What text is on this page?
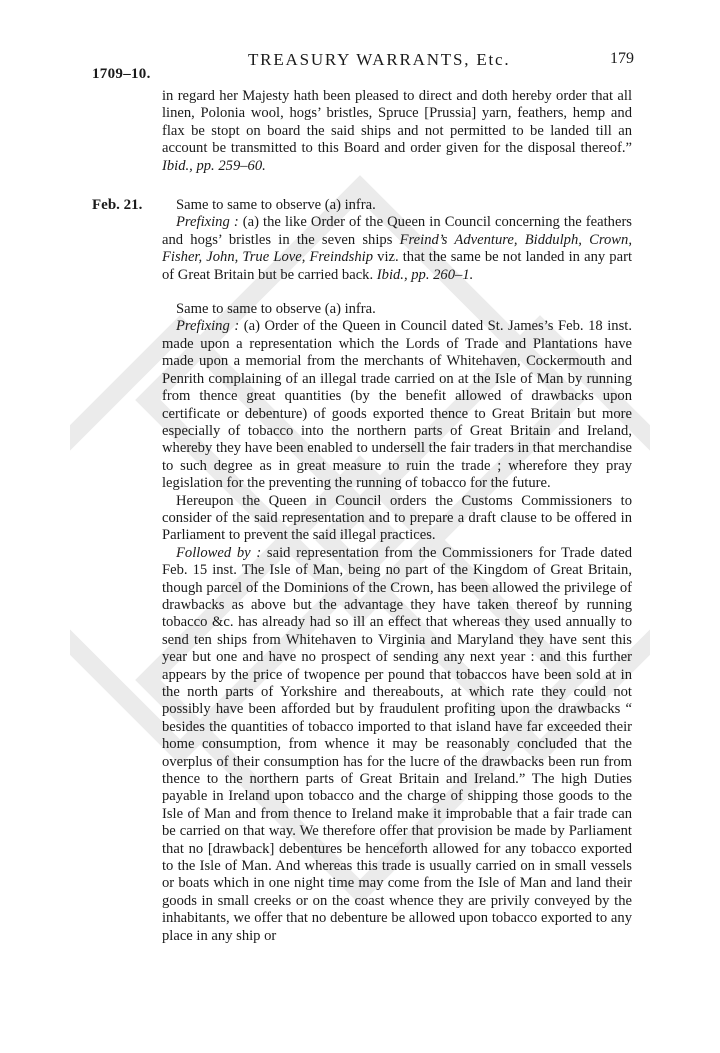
1709–10.
TREASURY WARRANTS, Etc.	179
Feb. 21.

in regard her Majesty hath been pleased to direct and doth hereby order that all linen, Polonia wool, hogs’ bristles, Spruce [Prussia] yarn, feathers, hemp and flax be stopt on board the said ships and not permitted to be landed till an account be transmitted to this Board and order given for the disposal thereof.” Ibid., pp. 259–60.

Same to same to observe (a) infra.

Prefixing : (a) the like Order of the Queen in Council concerning the feathers and hogs’ bristles in the seven ships Freind’s Adventure, Biddulph, Crown, Fisher, John, True Love, Freindship viz. that the same be not landed in any part of Great Britain but be carried back. Ibid., pp. 260–1.

Same to same to observe (a) infra.

Prefixing : (a) Order of the Queen in Council dated St. James’s Feb. 18 inst. made upon a representation which the Lords of Trade and Plantations have made upon a memorial from the merchants of Whitehaven, Cockermouth and Penrith complaining of an illegal trade carried on at the Isle of Man by running from thence great quantities (by the benefit allowed of drawbacks upon certificate or debenture) of goods exported thence to Great Britain but more especially of tobacco into the northern parts of Great Britain and Ireland, whereby they have been enabled to undersell the fair traders in that merchandise to such degree as in great measure to ruin the trade ; wherefore they pray legislation for the preventing the running of tobacco for the future.

Hereupon the Queen in Council orders the Customs Commissioners to consider of the said representation and to prepare a draft clause to be offered in Parliament to prevent the said illegal practices.

Followed by : said representation from the Commissioners for Trade dated Feb. 15 inst. The Isle of Man, being no part of the Kingdom of Great Britain, though parcel of the Dominions of the Crown, has been allowed the privilege of drawbacks as above but the advantage they have taken thereof by running tobacco &c. has already had so ill an effect that whereas they used annually to send ten ships from Whitehaven to Virginia and Maryland they have sent this year but one and have no prospect of sending any next year : and this further appears by the price of twopence per pound that tobaccos have been sold at in the north parts of Yorkshire and thereabouts, at which rate they could not possibly have been afforded but by fraudulent profiting upon the drawbacks “ besides the quantities of tobacco imported to that island have far exceeded their home consumption, from whence it may be reasonably concluded that the overplus of their consumption has for the lucre of the drawbacks been run from thence to the northern parts of Great Britain and Ireland.” The high Duties payable in Ireland upon tobacco and the charge of shipping those goods to the Isle of Man and from thence to Ireland make it improbable that a fair trade can be carried on that way. We therefore offer that provision be made by Parliament that no [drawback] debentures be henceforth allowed for any tobacco exported to the Isle of Man. And whereas this trade is usually carried on in small vessels or boats which in one night time may come from the Isle of Man and land their goods in small creeks or on the coast whence they are privily conveyed by the inhabitants, we offer that no debenture be allowed upon tobacco exported to any place in any ship or
